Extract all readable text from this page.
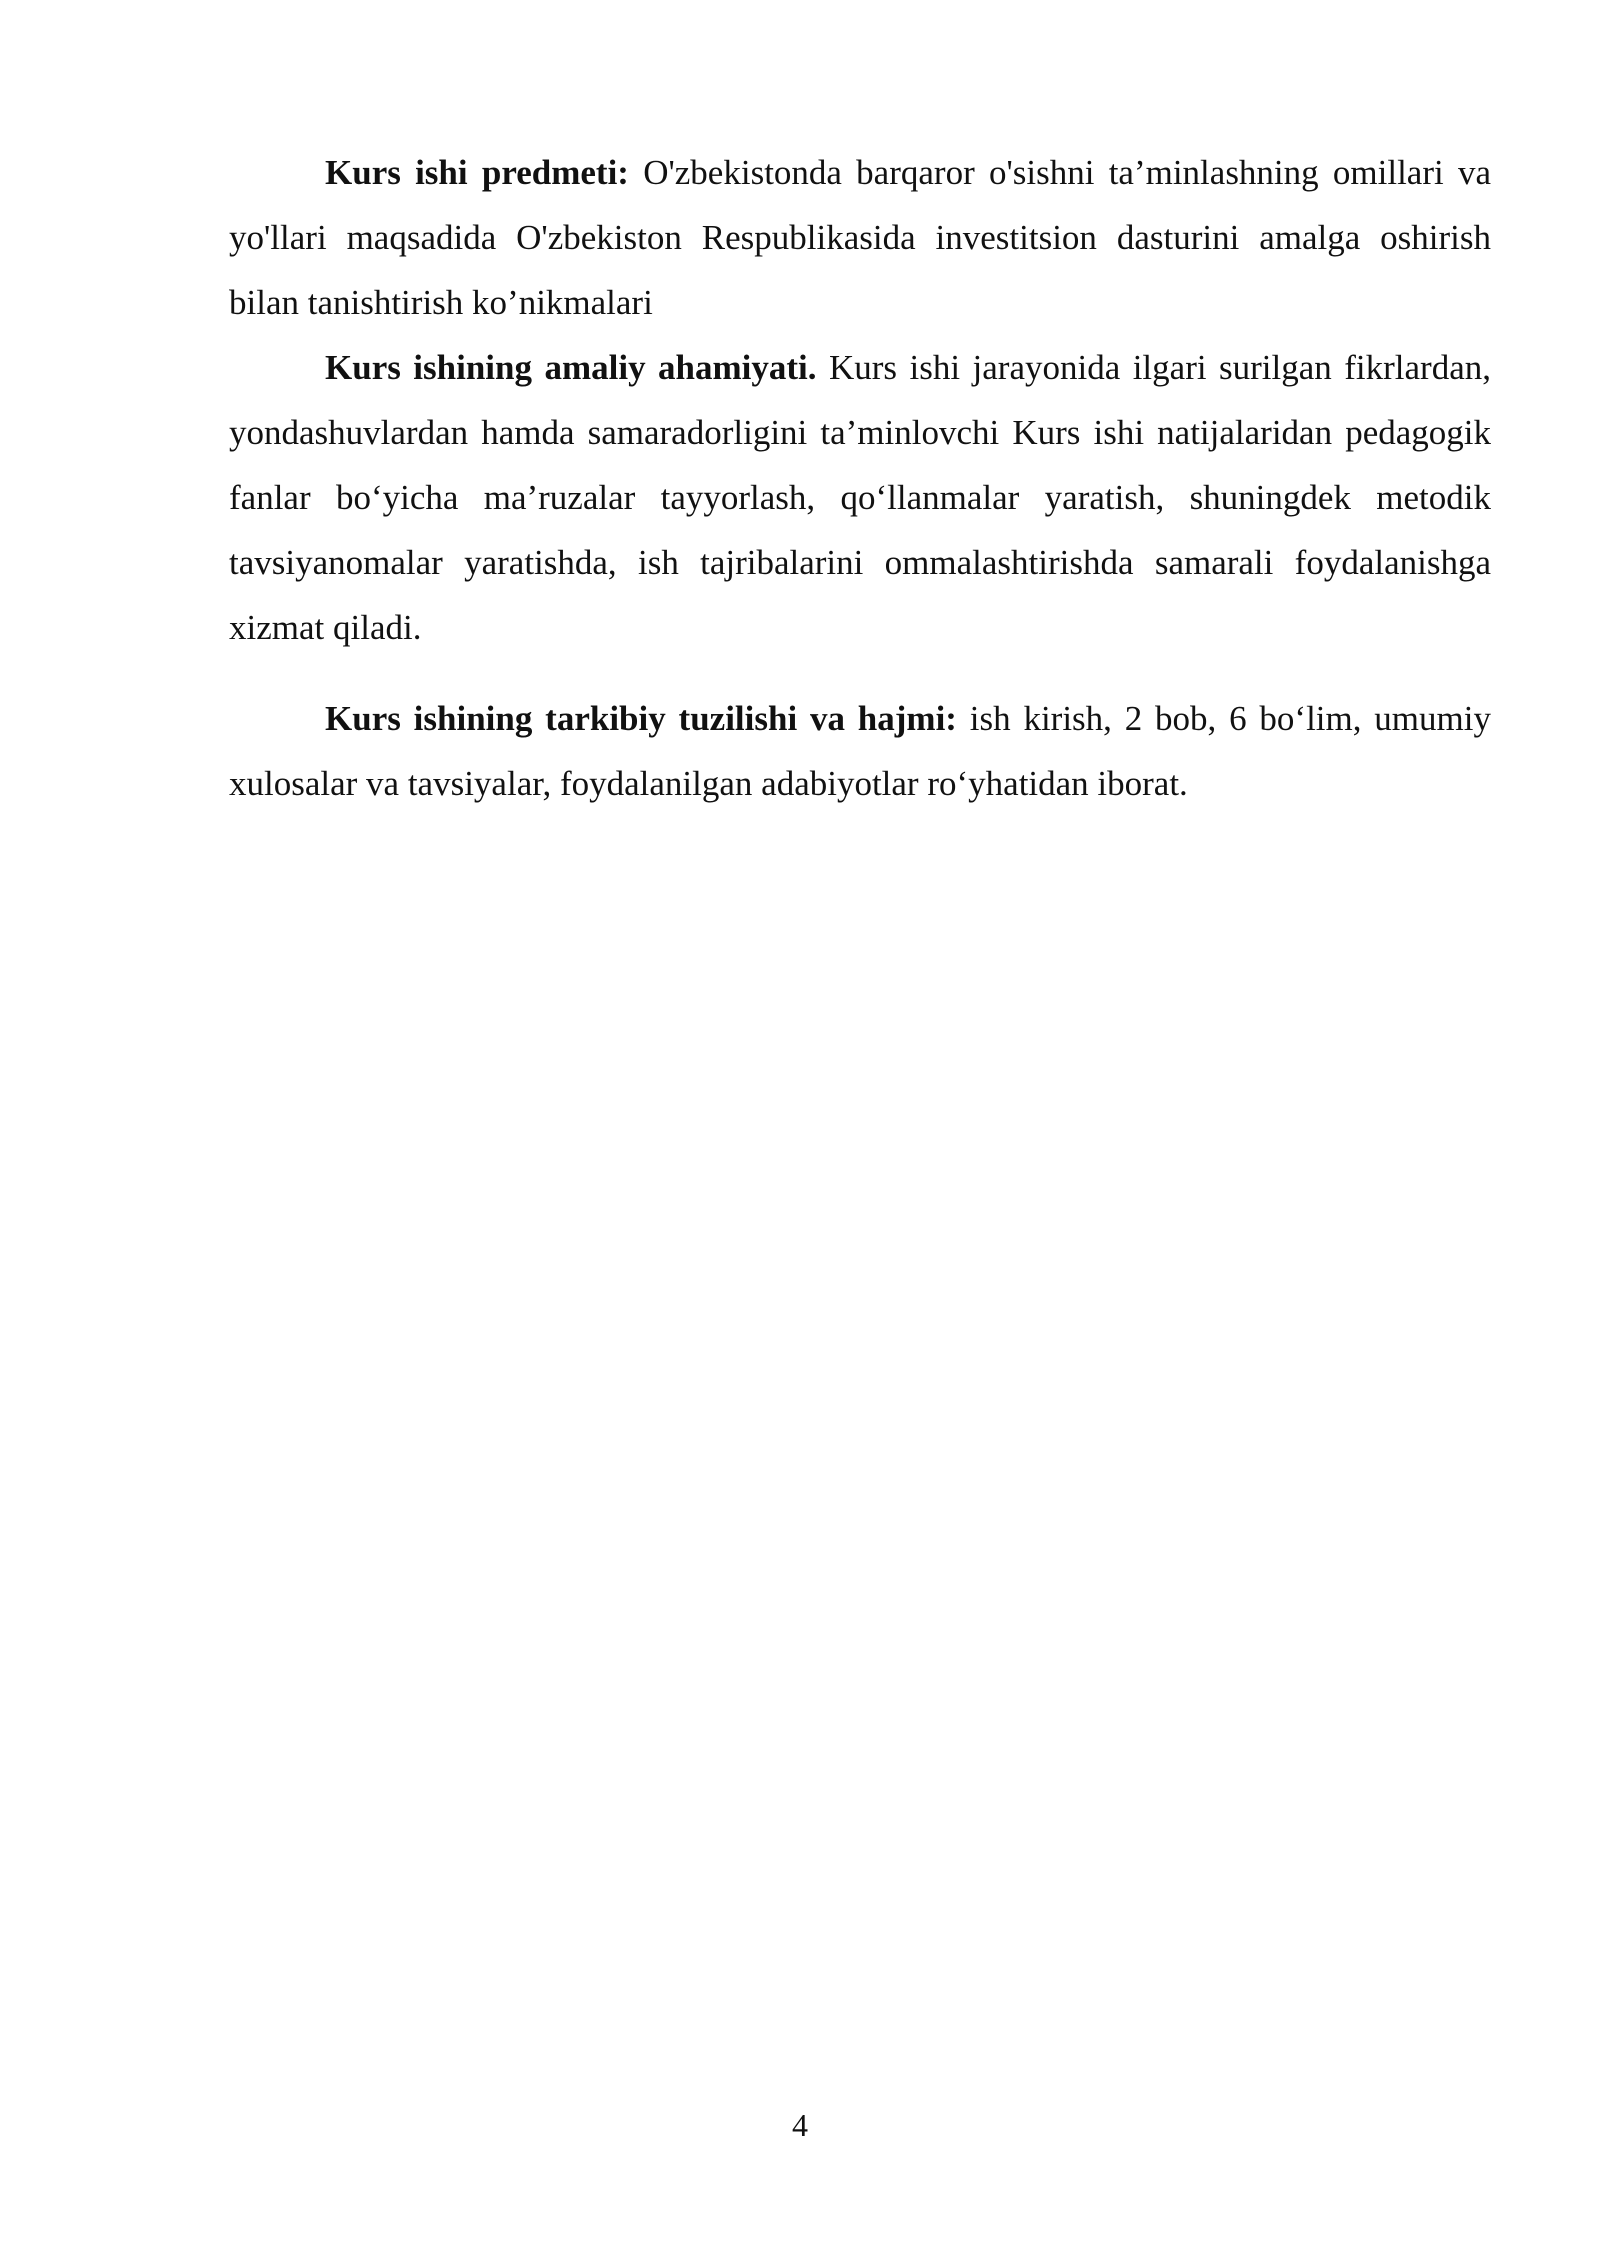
Kurs ishi predmeti: O'zbekistonda barqaror o'sishni ta’minlashning omillari va yo'llari maqsadida O'zbekiston Respublikasida investitsion dasturini amalga oshirish bilan tanishtirish ko’nikmalari

Kurs ishining amaliy ahamiyati. Kurs ishi jarayonida ilgari surilgan fikrlardan, yondashuvlardan hamda samaradorligini ta’minlovchi Kurs ishi natijalaridan pedagogik fanlar bo‘yicha ma’ruzalar tayyorlash, qo‘llanmalar yaratish, shuningdek metodik tavsiyanomalar yaratishda, ish tajribalarini ommalashtirishda samarali foydalanishga xizmat qiladi.

Kurs ishining tarkibiy tuzilishi va hajmi: ish kirish, 2 bob, 6 bo‘lim, umumiy xulosalar va tavsiyalar, foydalanilgan adabiyotlar ro‘yhatidan iborat.

4
